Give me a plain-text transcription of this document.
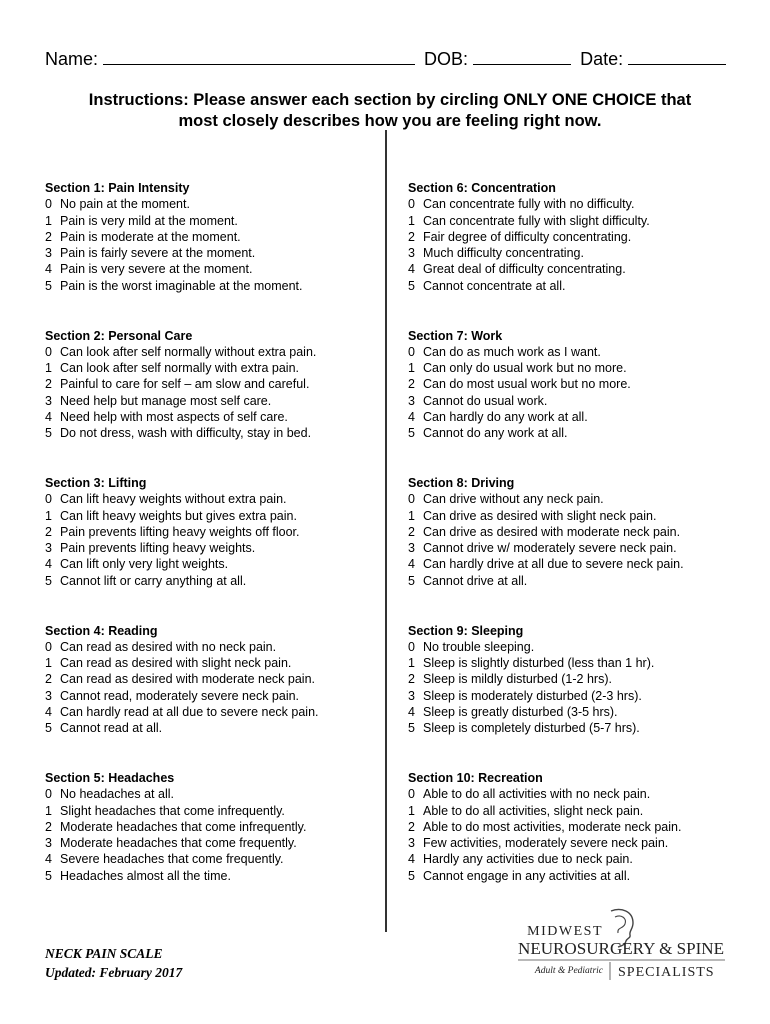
Name:	DOB:	Date:
Instructions: Please answer each section by circling ONLY ONE CHOICE that
most closely describes how you are feeling right now.
Section 1: Pain Intensity
0 No pain at the moment.
1 Pain is very mild at the moment.
2 Pain is moderate at the moment.
3 Pain is fairly severe at the moment.
4 Pain is very severe at the moment.
5 Pain is the worst imaginable at the moment.
Section 2: Personal Care
0 Can look after self normally without extra pain.
1 Can look after self normally with extra pain.
2 Painful to care for self – am slow and careful.
3 Need help but manage most self care.
4 Need help with most aspects of self care.
5 Do not dress, wash with difficulty, stay in bed.
Section 3: Lifting
0 Can lift heavy weights without extra pain.
1 Can lift heavy weights but gives extra pain.
2 Pain prevents lifting heavy weights off floor.
3 Pain prevents lifting heavy weights.
4 Can lift only very light weights.
5 Cannot lift or carry anything at all.
Section 4: Reading
0 Can read as desired with no neck pain.
1 Can read as desired with slight neck pain.
2 Can read as desired with moderate neck pain.
3 Cannot read, moderately severe neck pain.
4 Can hardly read at all due to severe neck pain.
5 Cannot read at all.
Section 5: Headaches
0 No headaches at all.
1 Slight headaches that come infrequently.
2 Moderate headaches that come infrequently.
3 Moderate headaches that come frequently.
4 Severe headaches that come frequently.
5 Headaches almost all the time.
Section 6: Concentration
0 Can concentrate fully with no difficulty.
1 Can concentrate fully with slight difficulty.
2 Fair degree of difficulty concentrating.
3 Much difficulty concentrating.
4 Great deal of difficulty concentrating.
5 Cannot concentrate at all.
Section 7: Work
0 Can do as much work as I want.
1 Can only do usual work but no more.
2 Can do most usual work but no more.
3 Cannot do usual work.
4 Can hardly do any work at all.
5 Cannot do any work at all.
Section 8: Driving
0 Can drive without any neck pain.
1 Can drive as desired with slight neck pain.
2 Can drive as desired with moderate neck pain.
3 Cannot drive w/ moderately severe neck pain.
4 Can hardly drive at all due to severe neck pain.
5 Cannot drive at all.
Section 9: Sleeping
0 No trouble sleeping.
1 Sleep is slightly disturbed (less than 1 hr).
2 Sleep is mildly disturbed (1-2 hrs).
3 Sleep is moderately disturbed (2-3 hrs).
4 Sleep is greatly disturbed (3-5 hrs).
5 Sleep is completely disturbed (5-7 hrs).
Section 10: Recreation
0 Able to do all activities with no neck pain.
1 Able to do all activities, slight neck pain.
2 Able to do most activities, moderate neck pain.
3 Few activities, moderately severe neck pain.
4 Hardly any activities due to neck pain.
5 Cannot engage in any activities at all.
NECK PAIN SCALE
Updated: February 2017
MIDWEST
NEUROSURGERY & SPINE
Adult & Pediatric SPECIALISTS
